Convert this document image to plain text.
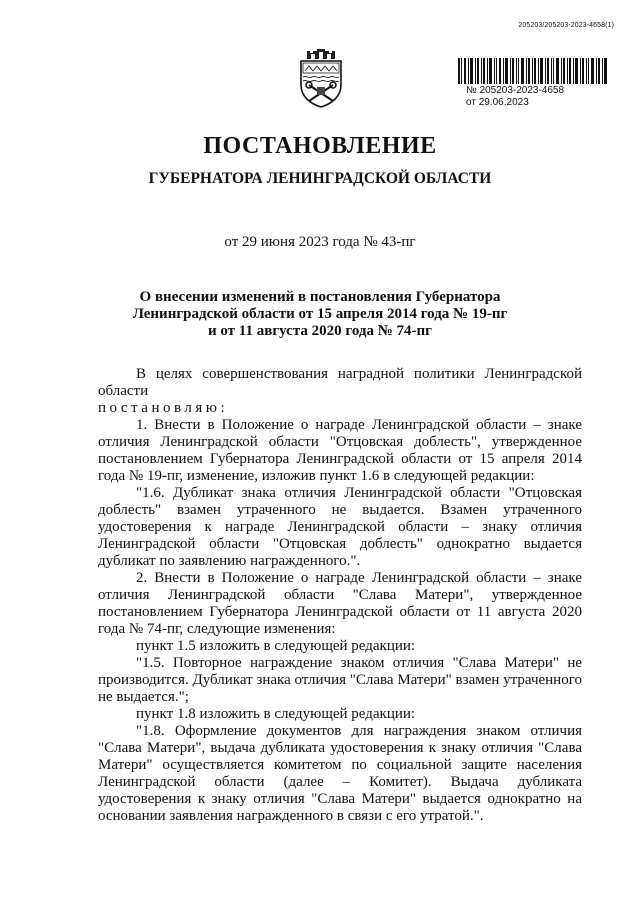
205203/205203-2023-4658(1)
№ 205203-2023-4658
от 29.06.2023
ПОСТАНОВЛЕНИЕ
ГУБЕРНАТОРА ЛЕНИНГРАДСКОЙ ОБЛАСТИ
от 29 июня 2023 года № 43-пг
О внесении изменений в постановления Губернатора
Ленинградской области от 15 апреля 2014 года № 19-пг
и от 11 августа 2020 года № 74-пг

В целях совершенствования наградной политики Ленинградской области

постановляю:

1. Внести в Положение о награде Ленинградской области – знаке отличия Ленинградской области "Отцовская доблесть", утвержденное постановлением Губернатора Ленинградской области от 15 апреля 2014 года № 19-пг, изменение, изложив пункт 1.6 в следующей редакции:

"1.6. Дубликат знака отличия Ленинградской области "Отцовская доблесть" взамен утраченного не выдается. Взамен утраченного удостоверения к награде Ленинградской области – знаку отличия Ленинградской области "Отцовская доблесть" однократно выдается дубликат по заявлению награжденного.".

2. Внести в Положение о награде Ленинградской области – знаке отличия Ленинградской области "Слава Матери", утвержденное постановлением Губернатора Ленинградской области от 11 августа 2020 года № 74-пг, следующие изменения:

пункт 1.5 изложить в следующей редакции:

"1.5. Повторное награждение знаком отличия "Слава Матери" не производится. Дубликат знака отличия "Слава Матери" взамен утраченного не выдается.";

пункт 1.8 изложить в следующей редакции:

"1.8. Оформление документов для награждения знаком отличия "Слава Матери", выдача дубликата удостоверения к знаку отличия "Слава Матери" осуществляется комитетом по социальной защите населения Ленинградской области (далее – Комитет). Выдача дубликата удостоверения к знаку отличия "Слава Матери" выдается однократно на основании заявления награжденного в связи с его утратой.".
